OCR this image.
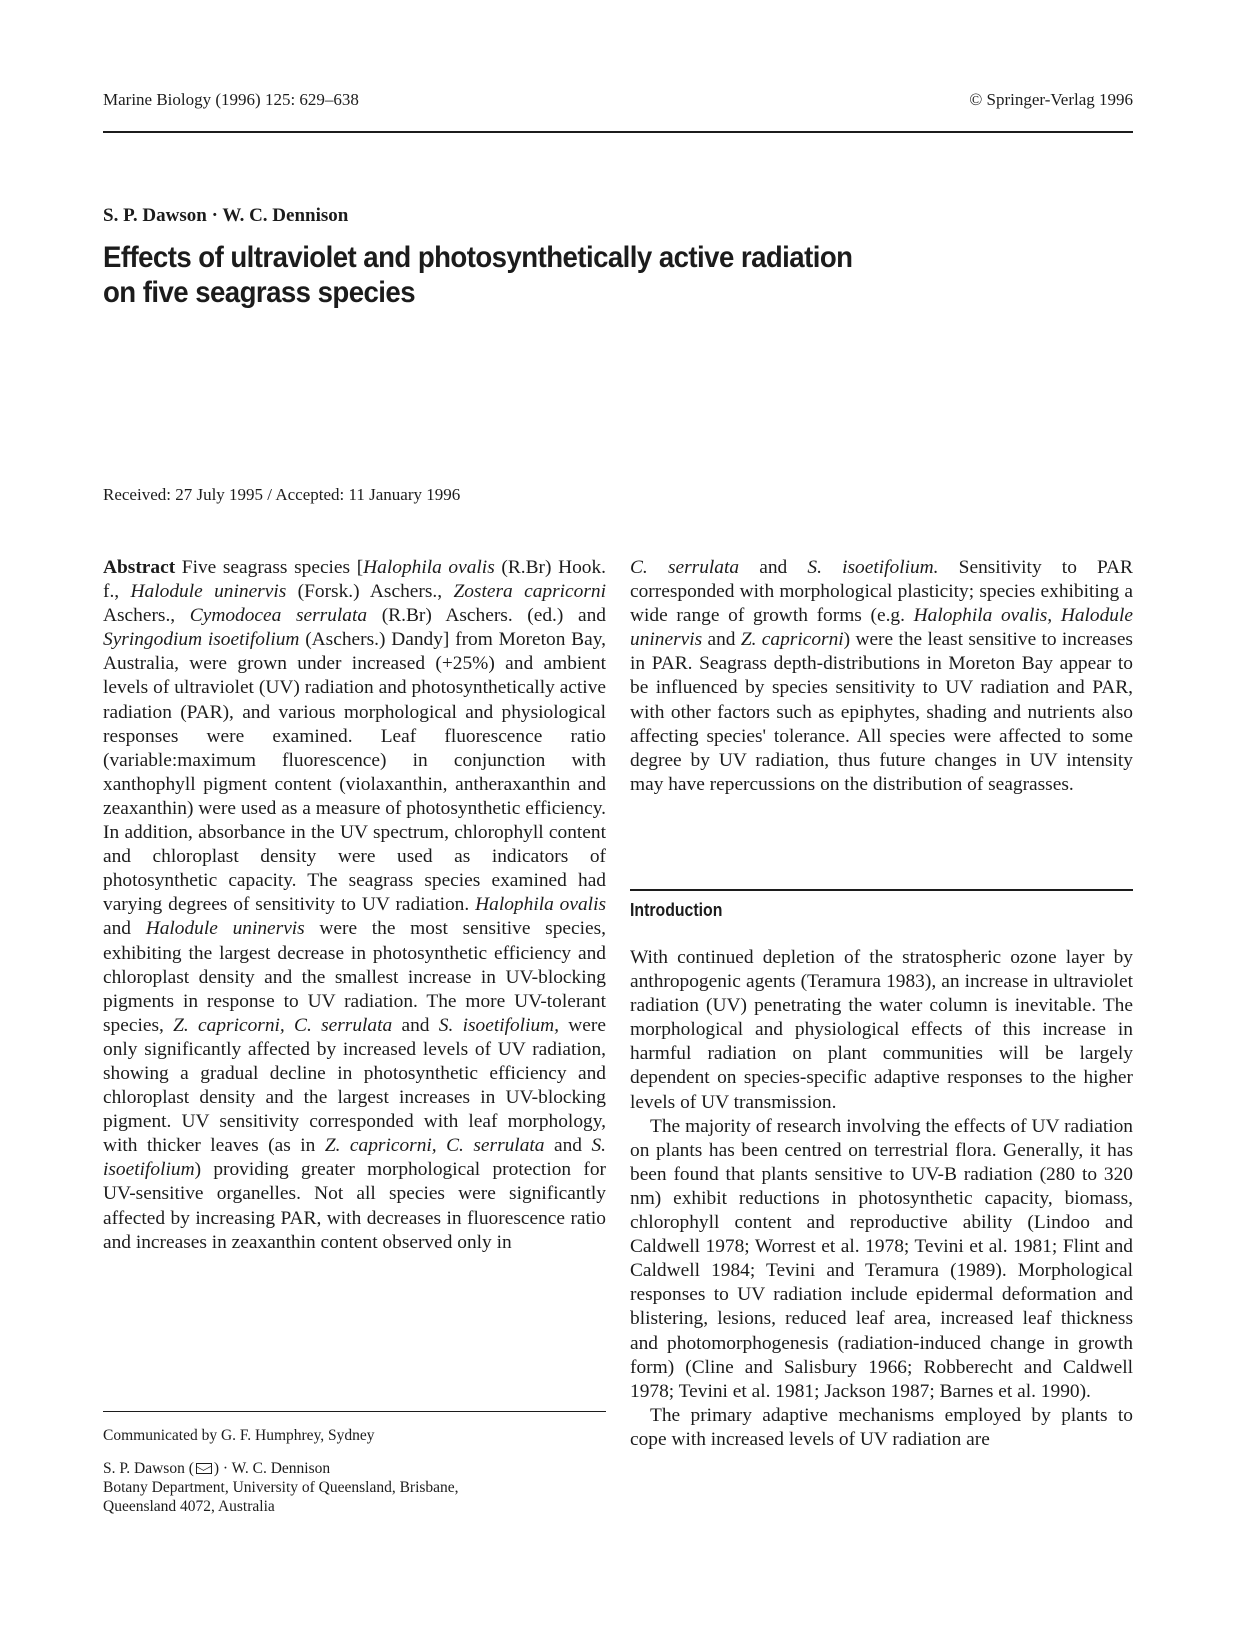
Marine Biology (1996) 125: 629–638	© Springer-Verlag 1996
S. P. Dawson · W. C. Dennison
Effects of ultraviolet and photosynthetically active radiation
on five seagrass species
Received: 27 July 1995 / Accepted: 11 January 1996

Abstract Five seagrass species [Halophila ovalis (R.Br) Hook. f., Halodule uninervis (Forsk.) Aschers., Zostera capricorni Aschers., Cymodocea serrulata (R.Br) Aschers. (ed.) and Syringodium isoetifolium (Aschers.) Dandy] from Moreton Bay, Australia, were grown under increased (+25%) and ambient levels of ultraviolet (UV) radiation and photosynthetically active radiation (PAR), and various morphological and physiological responses were examined. Leaf fluorescence ratio (variable:maximum fluorescence) in conjunction with xanthophyll pigment content (violaxanthin, antheraxanthin and zeaxanthin) were used as a measure of photosynthetic efficiency. In addition, absorbance in the UV spectrum, chlorophyll content and chloroplast density were used as indicators of photosynthetic capacity. The seagrass species examined had varying degrees of sensitivity to UV radiation. Halophila ovalis and Halodule uninervis were the most sensitive species, exhibiting the largest decrease in photosynthetic efficiency and chloroplast density and the smallest increase in UV-blocking pigments in response to UV radiation. The more UV-tolerant species, Z. capricorni, C. serrulata and S. isoetifolium, were only significantly affected by increased levels of UV radiation, showing a gradual decline in photosynthetic efficiency and chloroplast density and the largest increases in UV-blocking pigment. UV sensitivity corresponded with leaf morphology, with thicker leaves (as in Z. capricorni, C. serrulata and S. isoetifolium) providing greater morphological protection for UV-sensitive organelles. Not all species were significantly affected by increasing PAR, with decreases in fluorescence ratio and increases in zeaxanthin content observed only in

C. serrulata and S. isoetifolium. Sensitivity to PAR corresponded with morphological plasticity; species exhibiting a wide range of growth forms (e.g. Halophila ovalis, Halodule uninervis and Z. capricorni) were the least sensitive to increases in PAR. Seagrass depth-distributions in Moreton Bay appear to be influenced by species sensitivity to UV radiation and PAR, with other factors such as epiphytes, shading and nutrients also affecting species' tolerance. All species were affected to some degree by UV radiation, thus future changes in UV intensity may have repercussions on the distribution of seagrasses.

Introduction

With continued depletion of the stratospheric ozone layer by anthropogenic agents (Teramura 1983), an increase in ultraviolet radiation (UV) penetrating the water column is inevitable. The morphological and physiological effects of this increase in harmful radiation on plant communities will be largely dependent on species-specific adaptive responses to the higher levels of UV transmission.

The majority of research involving the effects of UV radiation on plants has been centred on terrestrial flora. Generally, it has been found that plants sensitive to UV-B radiation (280 to 320 nm) exhibit reductions in photosynthetic capacity, biomass, chlorophyll content and reproductive ability (Lindoo and Caldwell 1978; Worrest et al. 1978; Tevini et al. 1981; Flint and Caldwell 1984; Tevini and Teramura (1989). Morphological responses to UV radiation include epidermal deformation and blistering, lesions, reduced leaf area, increased leaf thickness and photomorphogenesis (radiation-induced change in growth form) (Cline and Salisbury 1966; Robberecht and Caldwell 1978; Tevini et al. 1981; Jackson 1987; Barnes et al. 1990).

The primary adaptive mechanisms employed by plants to cope with increased levels of UV radiation are

Communicated by G. F. Humphrey, Sydney
S. P. Dawson ( ) · W. C. Dennison
Botany Department, University of Queensland, Brisbane,
Queensland 4072, Australia
